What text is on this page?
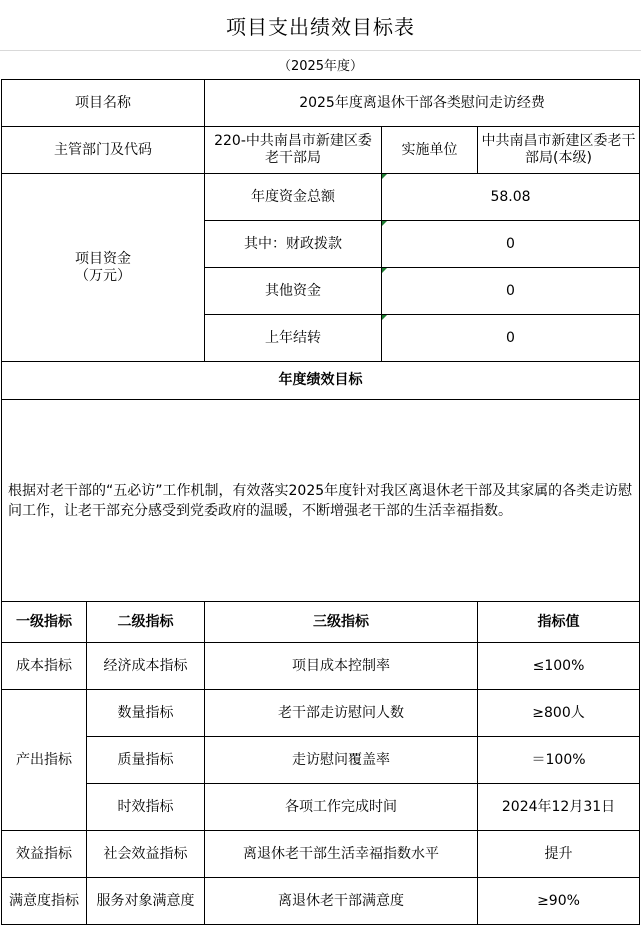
项目支出绩效目标表
（2025年度）
项目名称		2025年度离退休干部各类慰问走访经费		
主管部门及代码		220-中共南昌市新建区委老干部局	实施单位	中共南昌市新建区委老干部局(本级)
项目资金
（万元）		年度资金总额	58.08	
		其中：财政拨款	0	
		其他资金	0	
		上年结转	0	
年度绩效目标				
根据对老干部的“五必访”工作机制，有效落实2025年度针对我区离退休老干部及其家属的各类走访慰问工作，让老干部充分感受到党委政府的温暖，不断增强老干部的生活幸福指数。				
一级指标	二级指标	三级指标		指标值
成本指标	经济成本指标	项目成本控制率		≤100%
产出指标	数量指标	老干部走访慰问人数		≥800人
	质量指标	走访慰问覆盖率		＝100%
	时效指标	各项工作完成时间		2024年12月31日
效益指标	社会效益指标	离退休老干部生活幸福指数水平		提升
满意度指标	服务对象满意度	离退休老干部满意度		≥90%
